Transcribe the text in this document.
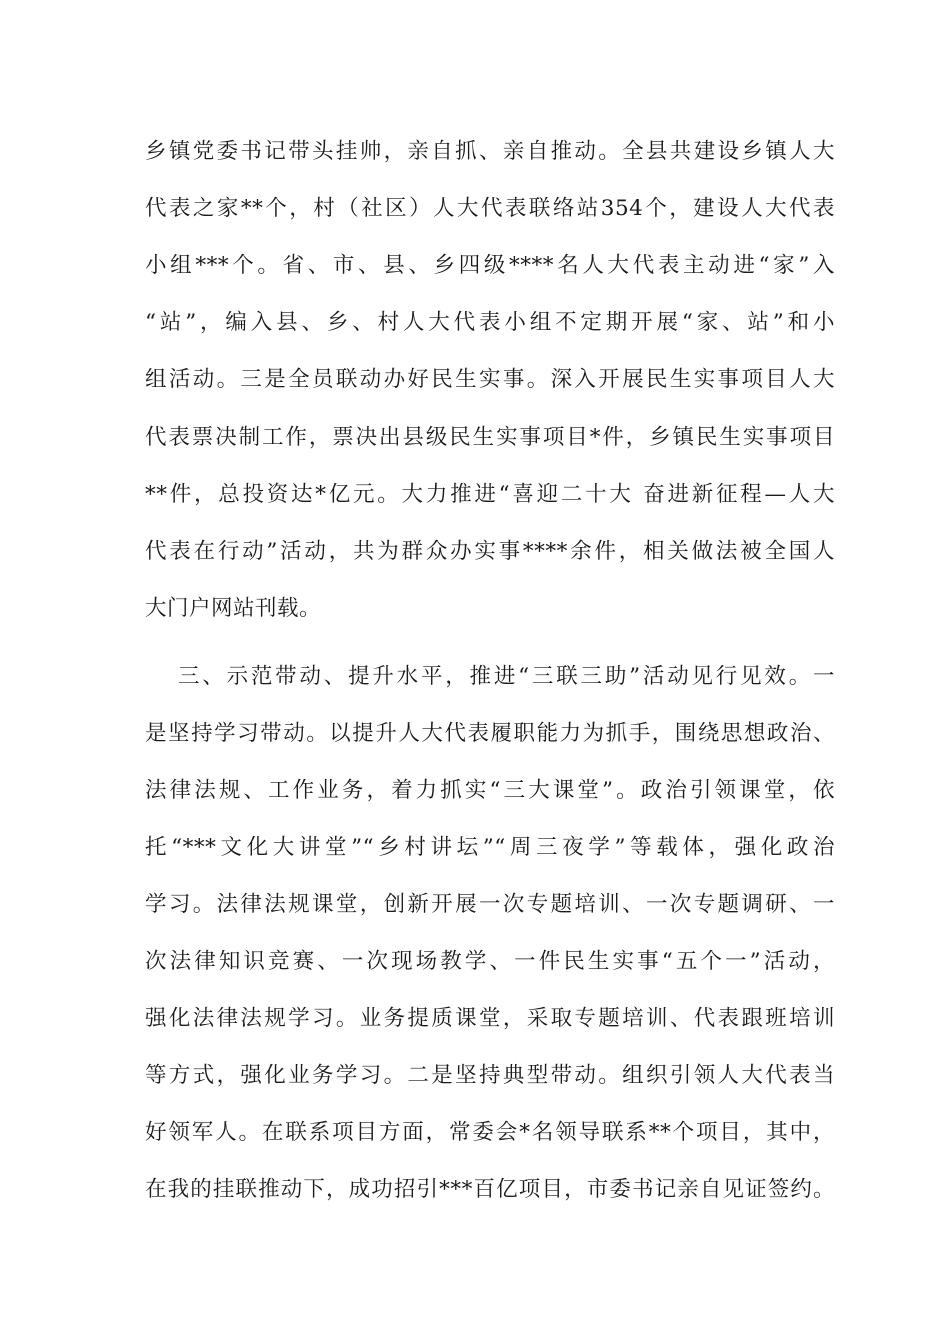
乡镇党委书记带头挂帅，亲自抓、亲自推动。全县共建设乡镇人大
代表之家**个，村（社区）人大代表联络站354个，建设人大代表
小组***个。省、市、县、乡四级****名人大代表主动进“家”入
“站”，编入县、乡、村人大代表小组不定期开展“家、站”和小
组活动。三是全员联动办好民生实事。深入开展民生实事项目人大
代表票决制工作，票决出县级民生实事项目*件，乡镇民生实事项目
**件，总投资达*亿元。大力推进“喜迎二十大 奋进新征程—人大
代表在行动”活动，共为群众办实事****余件，相关做法被全国人
大门户网站刊载。
三、示范带动、提升水平，推进“三联三助”活动见行见效。一
是坚持学习带动。以提升人大代表履职能力为抓手，围绕思想政治、
法律法规、工作业务，着力抓实“三大课堂”。政治引领课堂，依
托“***文化大讲堂”“乡村讲坛”“周三夜学”等载体，强化政治
学习。法律法规课堂，创新开展一次专题培训、一次专题调研、一
次法律知识竞赛、一次现场教学、一件民生实事“五个一”活动，
强化法律法规学习。业务提质课堂，采取专题培训、代表跟班培训
等方式，强化业务学习。二是坚持典型带动。组织引领人大代表当
好领军人。在联系项目方面，常委会*名领导联系**个项目，其中，
在我的挂联推动下，成功招引***百亿项目，市委书记亲自见证签约。
